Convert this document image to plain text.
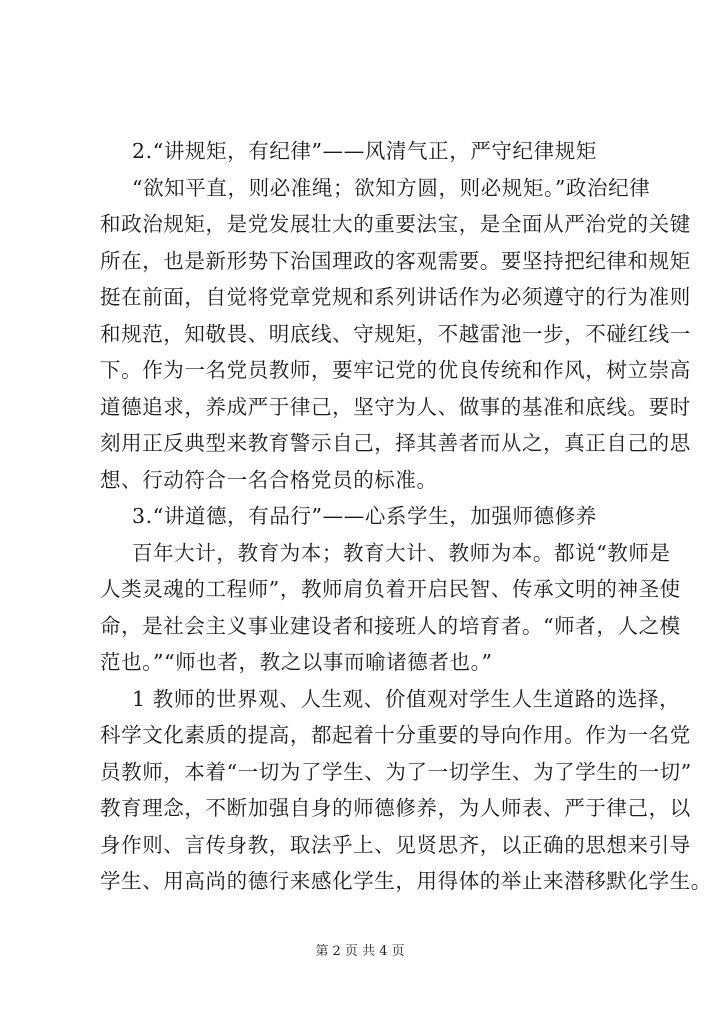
2.“讲规矩，有纪律”——风清气正，严守纪律规矩
“欲知平直，则必准绳；欲知方圆，则必规矩。”政治纪律
和政治规矩，是党发展壮大的重要法宝，是全面从严治党的关键
所在，也是新形势下治国理政的客观需要。要坚持把纪律和规矩
挺在前面，自觉将党章党规和系列讲话作为必须遵守的行为准则
和规范，知敬畏、明底线、守规矩，不越雷池一步，不碰红线一
下。作为一名党员教师，要牢记党的优良传统和作风，树立崇高
道德追求，养成严于律己，坚守为人、做事的基准和底线。要时
刻用正反典型来教育警示自己，择其善者而从之，真正自己的思
想、行动符合一名合格党员的标准。
3.“讲道德，有品行”——心系学生，加强师德修养
百年大计，教育为本；教育大计、教师为本。都说“教师是
人类灵魂的工程师”，教师肩负着开启民智、传承文明的神圣使
命，是社会主义事业建设者和接班人的培育者。“师者，人之模
范也。”“师也者，教之以事而喻诸德者也。”
1 教师的世界观、人生观、价值观对学生人生道路的选择，
科学文化素质的提高，都起着十分重要的导向作用。作为一名党
员教师，本着“一切为了学生、为了一切学生、为了学生的一切”
教育理念，不断加强自身的师德修养，为人师表、严于律己，以
身作则、言传身教，取法乎上、见贤思齐，以正确的思想来引导
学生、用高尚的德行来感化学生，用得体的举止来潜移默化学生。
第 2 页 共 4 页
